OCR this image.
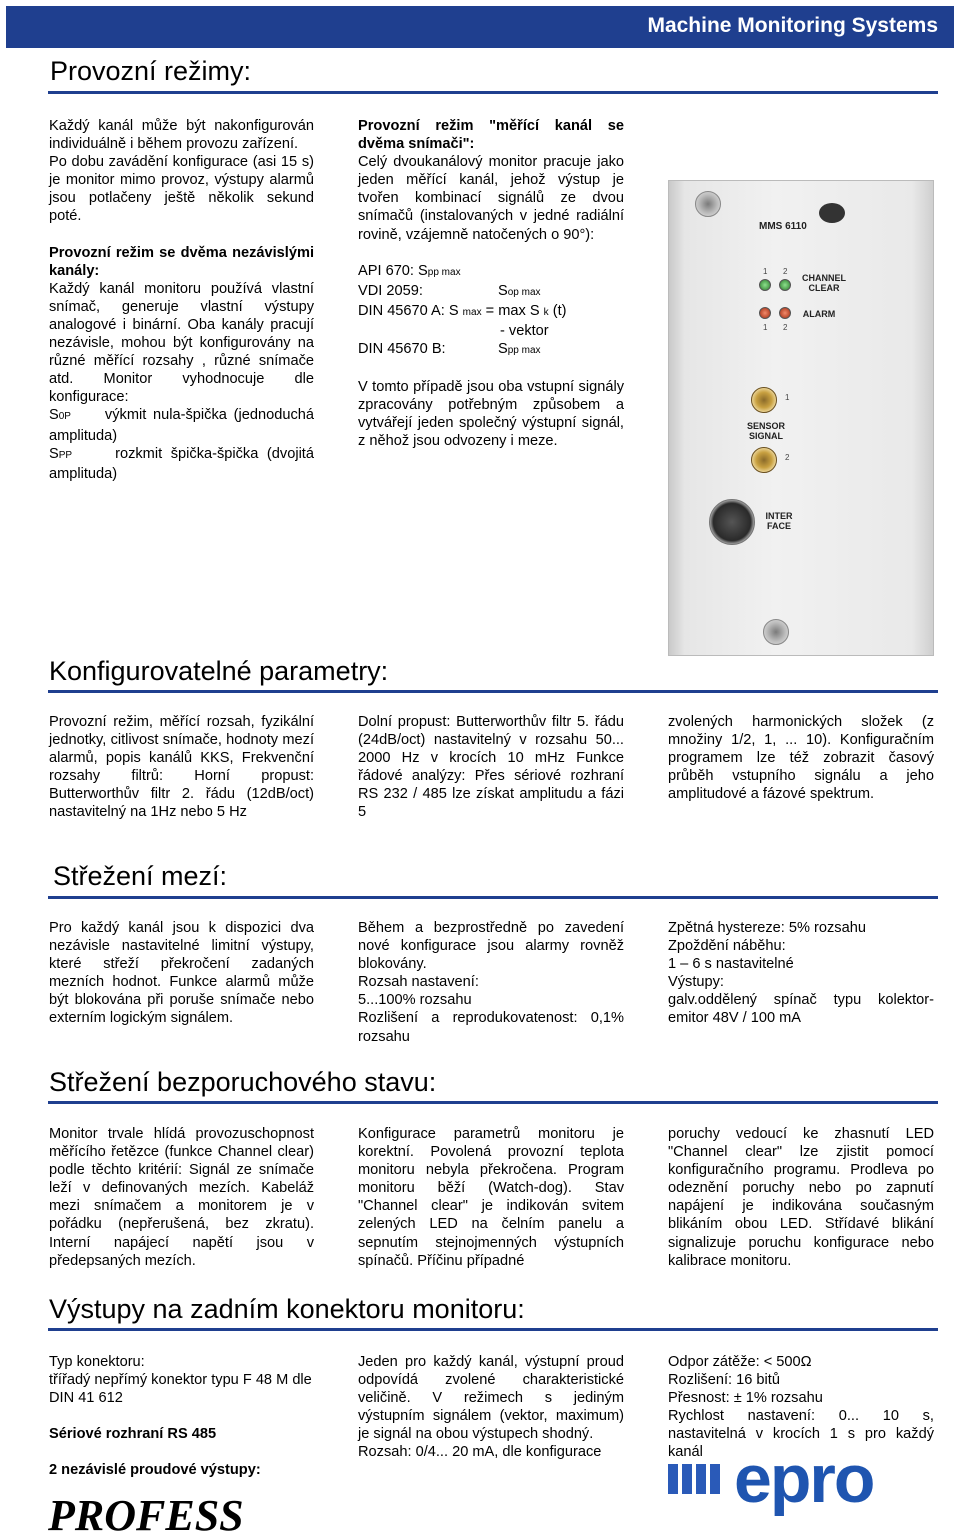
Machine Monitoring Systems
Provozní režimy:

Každý kanál může být nakonfigurován individuálně i během provozu zařízení.

Po dobu zavádění konfigurace (asi 15 s) je monitor mimo provoz, výstupy alarmů jsou potlačeny ještě několik sekund poté.

Provozní režim se dvěma nezávislými kanály:

Každý kanál monitoru používá vlastní snímač, generuje vlastní výstupy analogové i binární. Oba kanály pracují nezávisle, mohou být konfigurovány na různé měřící rozsahy , různé snímače atd. Monitor vyhodnocuje dle konfigurace:

S0P výkmit nula-špička (jednoduchá amplituda)

SPP	rozkmit špička-špička (dvojitá amplituda)

Provozní režim "měřící kanál se dvěma snímači":

Celý dvoukanálový monitor pracuje jako jeden měřící kanál, jehož výstup je tvořen kombinací signálů ze dvou snímačů (instalovaných v jedné radiální rovině, vzájemně natočených o 90°):

API 670: Spp max

VDI 2059:	Sop max

DIN 45670 A: S max = max S k (t)

- vektor

DIN 45670 B:	Spp max

V tomto případě jsou oba vstupní signály zpracovány potřebným způsobem a vytvářejí jeden společný výstupní signál, z něhož jsou odvozeny i meze.

MMS 6110
1 2
CHANNEL CLEAR
ALARM
1 2
1
SENSOR SIGNAL
2
INTER FACE
Konfigurovatelné parametry:
Provozní režim, měřící rozsah, fyzikální jednotky, citlivost snímače, hodnoty mezí alarmů, popis kanálů KKS, Frekvenční rozsahy filtrů: Horní propust: Butterworthův filtr 2. řádu (12dB/oct) nastavitelný na 1Hz nebo 5 Hz
Dolní propust: Butterworthův filtr 5. řádu (24dB/oct) nastavitelný v rozsahu 50... 2000 Hz v krocích 10 mHz Funkce řádové analýzy: Přes sériové rozhraní RS 232 / 485 lze získat amplitudu a fázi 5
zvolených harmonických složek (z množiny 1/2, 1, ... 10). Konfiguračním programem lze též zobrazit časový průběh vstupního signálu a jeho amplitudové a fázové spektrum.
Střežení mezí:
Pro každý kanál jsou k dispozici dva nezávisle nastavitelné limitní výstupy, které střeží překročení zadaných mezních hodnot. Funkce alarmů může být blokována při poruše snímače nebo externím logickým signálem.

Během a bezprostředně po zavedení nové konfigurace jsou alarmy rovněž blokovány.

Rozsah nastavení:

5...100% rozsahu

Rozlišení a reprodukovatenost: 0,1% rozsahu

Zpětná hystereze: 5% rozsahu

Zpoždění náběhu:

1 – 6 s nastavitelné

Výstupy:

galv.oddělený spínač typu kolektor-emitor 48V / 100 mA

Střežení bezporuchového stavu:
Monitor trvale hlídá provozuschopnost měřícího řetězce (funkce Channel clear) podle těchto kritérií: Signál ze snímače leží v definovaných mezích. Kabeláž mezi snímačem a monitorem je v pořádku (nepřerušená, bez zkratu). Interní napájecí napětí jsou v předepsaných mezích.
Konfigurace parametrů monitoru je korektní. Povolená provozní teplota monitoru nebyla překročena. Program monitoru běží (Watch-dog). Stav "Channel clear" je indikován svitem zelených LED na čelním panelu a sepnutím stejnojmenných výstupních spínačů. Příčinu případné
poruchy vedoucí ke zhasnutí LED "Channel clear" lze zjistit pomocí konfiguračního programu. Prodleva po odeznění poruchy nebo po zapnutí napájení je indikována současným blikáním obou LED. Střídavé blikání signalizuje poruchu konfigurace nebo kalibrace monitoru.
Výstupy na zadním konektoru monitoru:

Typ konektoru:

třířadý nepřímý konektor typu F 48 M dle DIN 41 612

Sériové rozhraní RS 485

2 nezávislé proudové výstupy:

Jeden pro každý kanál, výstupní proud odpovídá zvolené charakteristické veličině. V režimech s jediným výstupním signálem (vektor, maximum) je signál na obou výstupech shodný.

Rozsah: 0/4... 20 mA, dle konfigurace

Odpor zátěže: < 500Ω

Rozlišení: 16 bitů

Přesnost: ± 1% rozsahu

Rychlost nastavení: 0... 10 s, nastavitelná v krocích 1 s pro každý kanál

PROFESS	epro
